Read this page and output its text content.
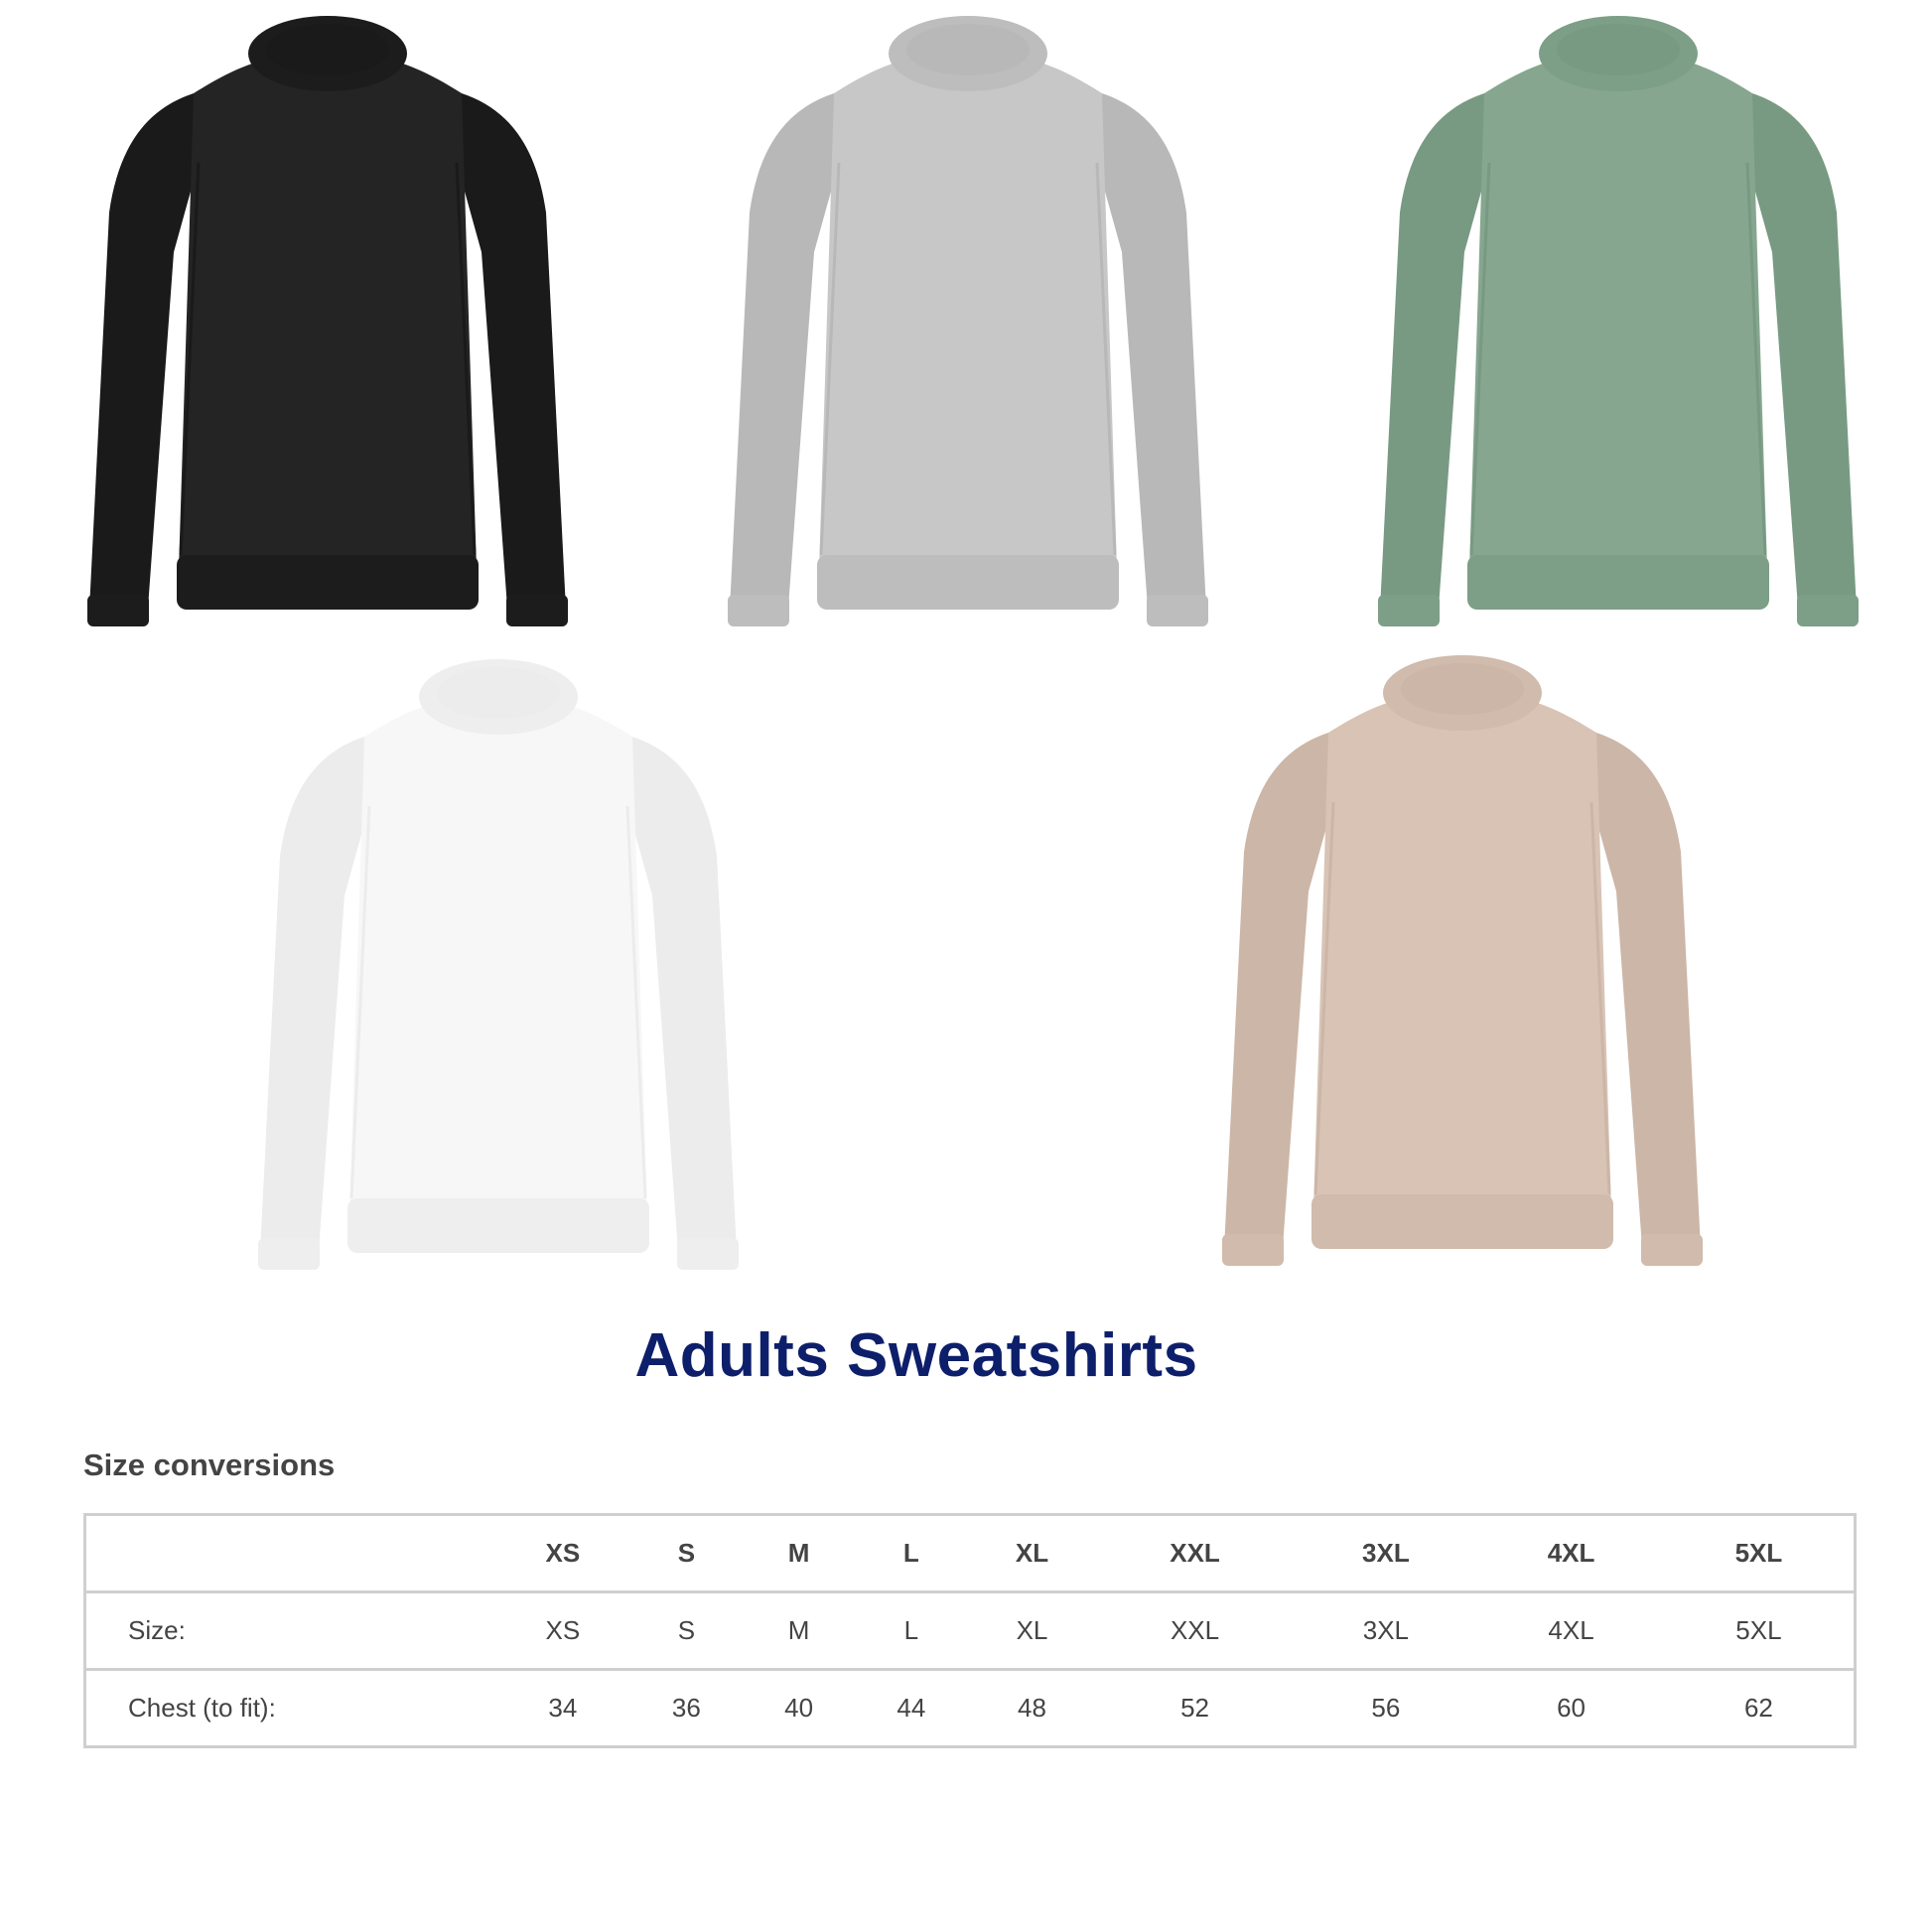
Adults Sweatshirts
Size conversions
	XS	S	M	L	XL	XXL	3XL	4XL	5XL
Size:	XS	S	M	L	XL	XXL	3XL	4XL	5XL
Chest (to fit):	34	36	40	44	48	52	56	60	62
